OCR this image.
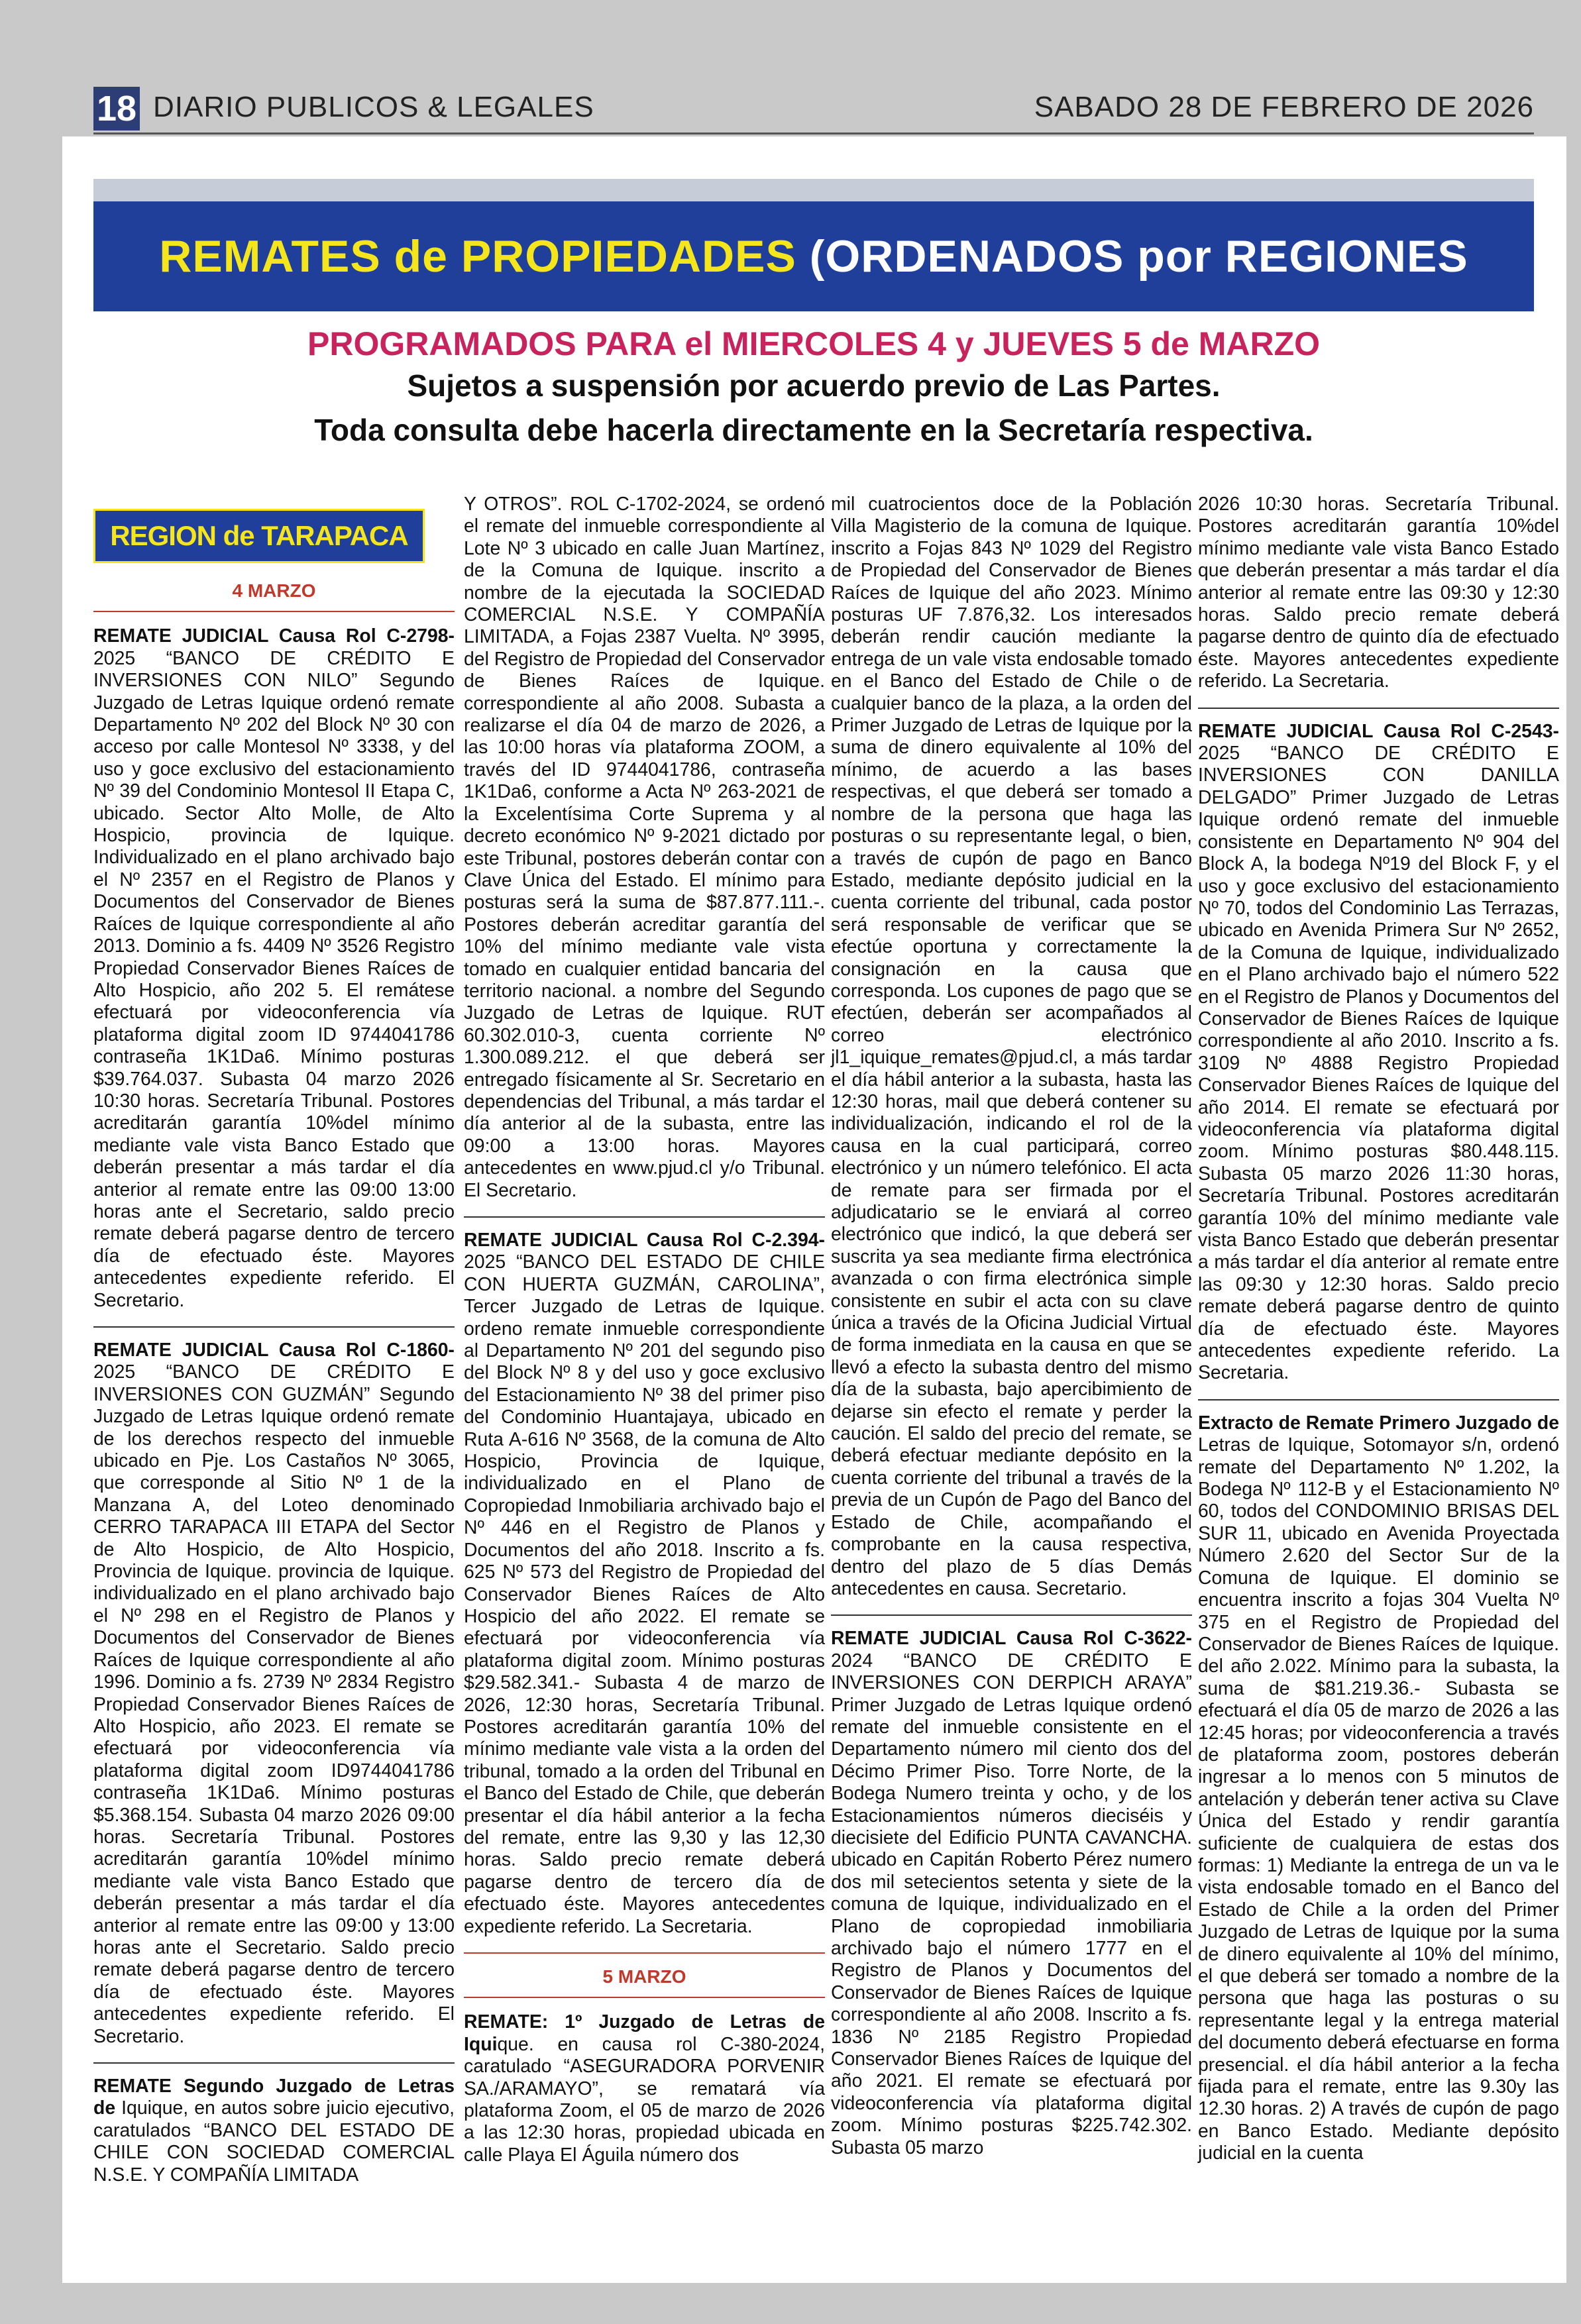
18 DIARIO PUBLICOS & LEGALES	SABADO 28 DE FEBRERO DE 2026
REMATES de PROPIEDADES (ORDENADOS por REGIONES
PROGRAMADOS PARA el MIERCOLES 4 y JUEVES 5 de MARZO
Sujetos a suspensión por acuerdo previo de Las Partes.
Toda consulta debe hacerla directamente en la Secretaría respectiva.
REGION de TARAPACA
4 MARZO

REMATE JUDICIAL Causa Rol C-2798-2025 “BANCO DE CRÉDITO E INVERSIONES CON NILO” Segundo Juzgado de Letras Iquique ordenó remate Departamento Nº 202 del Block Nº 30 con acceso por calle Montesol Nº 3338, y del uso y goce exclusivo del estacionamiento Nº 39 del Condominio Montesol II Etapa C, ubicado. Sector Alto Molle, de Alto Hospicio, provincia de Iquique. Individualizado en el plano archivado bajo el Nº 2357 en el Registro de Planos y Documentos del Conservador de Bienes Raíces de Iquique correspondiente al año 2013. Dominio a fs. 4409 Nº 3526 Registro Propiedad Conservador Bienes Raíces de Alto Hospicio, año 202 5. El remátese efectuará por videoconferencia vía plataforma digital zoom ID 9744041786 contraseña 1K1Da6. Mínimo posturas $39.764.037. Subasta 04 marzo 2026 10:30 horas. Secretaría Tribunal. Postores acreditarán garantía 10%del mínimo mediante vale vista Banco Estado que deberán presentar a más tardar el día anterior al remate entre las 09:00 13:00 horas ante el Secretario, saldo precio remate deberá pagarse dentro de tercero día de efectuado éste. Mayores antecedentes expediente referido. El Secretario.

REMATE JUDICIAL Causa Rol C-1860-2025 “BANCO DE CRÉDITO E INVERSIONES CON GUZMÁN” Segundo Juzgado de Letras Iquique ordenó remate de los derechos respecto del inmueble ubicado en Pje. Los Castaños Nº 3065, que corresponde al Sitio Nº 1 de la Manzana A, del Loteo denominado CERRO TARAPACA III ETAPA del Sector de Alto Hospicio, de Alto Hospicio, Provincia de Iquique. provincia de Iquique. individualizado en el plano archivado bajo el Nº 298 en el Registro de Planos y Documentos del Conservador de Bienes Raíces de Iquique correspondiente al año 1996. Dominio a fs. 2739 Nº 2834 Registro Propiedad Conservador Bienes Raíces de Alto Hospicio, año 2023. El remate se efectuará por videoconferencia vía plataforma digital zoom ID9744041786 contraseña 1K1Da6. Mínimo posturas $5.368.154. Subasta 04 marzo 2026 09:00 horas. Secretaría Tribunal. Postores acreditarán garantía 10%del mínimo mediante vale vista Banco Estado que deberán presentar a más tardar el día anterior al remate entre las 09:00 y 13:00 horas ante el Secretario. Saldo precio remate deberá pagarse dentro de tercero día de efectuado éste. Mayores antecedentes expediente referido. El Secretario.

REMATE Segundo Juzgado de Letras de Iquique, en autos sobre juicio ejecutivo, caratulados “BANCO DEL ESTADO DE CHILE CON SOCIEDAD COMERCIAL N.S.E. Y COMPAÑÍA LIMITADA

Y OTROS”. ROL C-1702-2024, se ordenó el remate del inmueble correspondiente al Lote Nº 3 ubicado en calle Juan Martínez, de la Comuna de Iquique. inscrito a nombre de la ejecutada la SOCIEDAD COMERCIAL N.S.E. Y COMPAÑÍA LIMITADA, a Fojas 2387 Vuelta. Nº 3995, del Registro de Propiedad del Conservador de Bienes Raíces de Iquique. correspondiente al año 2008. Subasta a realizarse el día 04 de marzo de 2026, a las 10:00 horas vía plataforma ZOOM, a través del ID 9744041786, contraseña 1K1Da6, conforme a Acta Nº 263-2021 de la Excelentísima Corte Suprema y al decreto económico Nº 9-2021 dictado por este Tribunal, postores deberán contar con Clave Única del Estado. El mínimo para posturas será la suma de $87.877.111.-. Postores deberán acreditar garantía del 10% del mínimo mediante vale vista tomado en cualquier entidad bancaria del territorio nacional. a nombre del Segundo Juzgado de Letras de Iquique. RUT 60.302.010-3, cuenta corriente Nº 1.300.089.212. el que deberá ser entregado físicamente al Sr. Secretario en dependencias del Tribunal, a más tardar el día anterior al de la subasta, entre las 09:00 a 13:00 horas. Mayores antecedentes en www.pjud.cl y/o Tribunal. El Secretario.

REMATE JUDICIAL Causa Rol C-2.394-2025 “BANCO DEL ESTADO DE CHILE CON HUERTA GUZMÁN, CAROLINA”, Tercer Juzgado de Letras de Iquique. ordeno remate inmueble correspondiente al Departamento Nº 201 del segundo piso del Block Nº 8 y del uso y goce exclusivo del Estacionamiento Nº 38 del primer piso del Condominio Huantajaya, ubicado en Ruta A-616 Nº 3568, de la comuna de Alto Hospicio, Provincia de Iquique, individualizado en el Plano de Copropiedad Inmobiliaria archivado bajo el Nº 446 en el Registro de Planos y Documentos del año 2018. Inscrito a fs. 625 Nº 573 del Registro de Propiedad del Conservador Bienes Raíces de Alto Hospicio del año 2022. El remate se efectuará por videoconferencia vía plataforma digital zoom. Mínimo posturas $29.582.341.- Subasta 4 de marzo de 2026, 12:30 horas, Secretaría Tribunal. Postores acreditarán garantía 10% del mínimo mediante vale vista a la orden del tribunal, tomado a la orden del Tribunal en el Banco del Estado de Chile, que deberán presentar el día hábil anterior a la fecha del remate, entre las 9,30 y las 12,30 horas. Saldo precio remate deberá pagarse dentro de tercero día de efectuado éste. Mayores antecedentes expediente referido. La Secretaria.

5 MARZO

REMATE: 1º Juzgado de Letras de Iquique. en causa rol C-380-2024, caratulado “ASEGURADORA PORVENIR SA./ARAMAYO”, se rematará vía plataforma Zoom, el 05 de marzo de 2026 a las 12:30 horas, propiedad ubicada en calle Playa El Águila número dos

mil cuatrocientos doce de la Población Villa Magisterio de la comuna de Iquique. inscrito a Fojas 843 Nº 1029 del Registro de Propiedad del Conservador de Bienes Raíces de Iquique del año 2023. Mínimo posturas UF 7.876,32. Los interesados deberán rendir caución mediante la entrega de un vale vista endosable tomado en el Banco del Estado de Chile o de cualquier banco de la plaza, a la orden del Primer Juzgado de Letras de Iquique por la suma de dinero equivalente al 10% del mínimo, de acuerdo a las bases respectivas, el que deberá ser tomado a nombre de la persona que haga las posturas o su representante legal, o bien, a través de cupón de pago en Banco Estado, mediante depósito judicial en la cuenta corriente del tribunal, cada postor será responsable de verificar que se efectúe oportuna y correctamente la consignación en la causa que corresponda. Los cupones de pago que se efectúen, deberán ser acompañados al correo electrónico jl1_iquique_remates@pjud.cl, a más tardar el día hábil anterior a la subasta, hasta las 12:30 horas, mail que deberá contener su individualización, indicando el rol de la causa en la cual participará, correo electrónico y un número telefónico. El acta de remate para ser firmada por el adjudicatario se le enviará al correo electrónico que indicó, la que deberá ser suscrita ya sea mediante firma electrónica avanzada o con firma electrónica simple consistente en subir el acta con su clave única a través de la Oficina Judicial Virtual de forma inmediata en la causa en que se llevó a efecto la subasta dentro del mismo día de la subasta, bajo apercibimiento de dejarse sin efecto el remate y perder la caución. El saldo del precio del remate, se deberá efectuar mediante depósito en la cuenta corriente del tribunal a través de la previa de un Cupón de Pago del Banco del Estado de Chile, acompañando el comprobante en la causa respectiva, dentro del plazo de 5 días Demás antecedentes en causa. Secretario.

REMATE JUDICIAL Causa Rol C-3622-2024 “BANCO DE CRÉDITO E INVERSIONES CON DERPICH ARAYA” Primer Juzgado de Letras Iquique ordenó remate del inmueble consistente en el Departamento número mil ciento dos del Décimo Primer Piso. Torre Norte, de la Bodega Numero treinta y ocho, y de los Estacionamientos números dieciséis y diecisiete del Edificio PUNTA CAVANCHA. ubicado en Capitán Roberto Pérez numero dos mil setecientos setenta y siete de la comuna de Iquique, individualizado en el Plano de copropiedad inmobiliaria archivado bajo el número 1777 en el Registro de Planos y Documentos del Conservador de Bienes Raíces de Iquique correspondiente al año 2008. Inscrito a fs. 1836 Nº 2185 Registro Propiedad Conservador Bienes Raíces de Iquique del año 2021. El remate se efectuará por videoconferencia vía plataforma digital zoom. Mínimo posturas $225.742.302. Subasta 05 marzo

2026 10:30 horas. Secretaría Tribunal. Postores acreditarán garantía 10%del mínimo mediante vale vista Banco Estado que deberán presentar a más tardar el día anterior al remate entre las 09:30 y 12:30 horas. Saldo precio remate deberá pagarse dentro de quinto día de efectuado éste. Mayores antecedentes expediente referido. La Secretaria.

REMATE JUDICIAL Causa Rol C-2543-2025 “BANCO DE CRÉDITO E INVERSIONES CON DANILLA DELGADO” Primer Juzgado de Letras Iquique ordenó remate del inmueble consistente en Departamento Nº 904 del Block A, la bodega Nº19 del Block F, y el uso y goce exclusivo del estacionamiento Nº 70, todos del Condominio Las Terrazas, ubicado en Avenida Primera Sur Nº 2652, de la Comuna de Iquique, individualizado en el Plano archivado bajo el número 522 en el Registro de Planos y Documentos del Conservador de Bienes Raíces de Iquique correspondiente al año 2010. Inscrito a fs. 3109 Nº 4888 Registro Propiedad Conservador Bienes Raíces de Iquique del año 2014. El remate se efectuará por videoconferencia vía plataforma digital zoom. Mínimo posturas $80.448.115. Subasta 05 marzo 2026 11:30 horas, Secretaría Tribunal. Postores acreditarán garantía 10% del mínimo mediante vale vista Banco Estado que deberán presentar a más tardar el día anterior al remate entre las 09:30 y 12:30 horas. Saldo precio remate deberá pagarse dentro de quinto día de efectuado éste. Mayores antecedentes expediente referido. La Secretaria.

Extracto de Remate Primero Juzgado de Letras de Iquique, Sotomayor s/n, ordenó remate del Departamento Nº 1.202, la Bodega Nº 112-B y el Estacionamiento Nº 60, todos del CONDOMINIO BRISAS DEL SUR 11, ubicado en Avenida Proyectada Número 2.620 del Sector Sur de la Comuna de Iquique. El dominio se encuentra inscrito a fojas 304 Vuelta Nº 375 en el Registro de Propiedad del Conservador de Bienes Raíces de Iquique. del año 2.022. Mínimo para la subasta, la suma de $81.219.36.- Subasta se efectuará el día 05 de marzo de 2026 a las 12:45 horas; por videoconferencia a través de plataforma zoom, postores deberán ingresar a lo menos con 5 minutos de antelación y deberán tener activa su Clave Única del Estado y rendir garantía suficiente de cualquiera de estas dos formas: 1) Mediante la entrega de un va le vista endosable tomado en el Banco del Estado de Chile a la orden del Primer Juzgado de Letras de Iquique por la suma de dinero equivalente al 10% del mínimo, el que deberá ser tomado a nombre de la persona que haga las posturas o su representante legal y la entrega material del documento deberá efectuarse en forma presencial. el día hábil anterior a la fecha fijada para el remate, entre las 9.30y las 12.30 horas. 2) A través de cupón de pago en Banco Estado. Mediante depósito judicial en la cuenta
